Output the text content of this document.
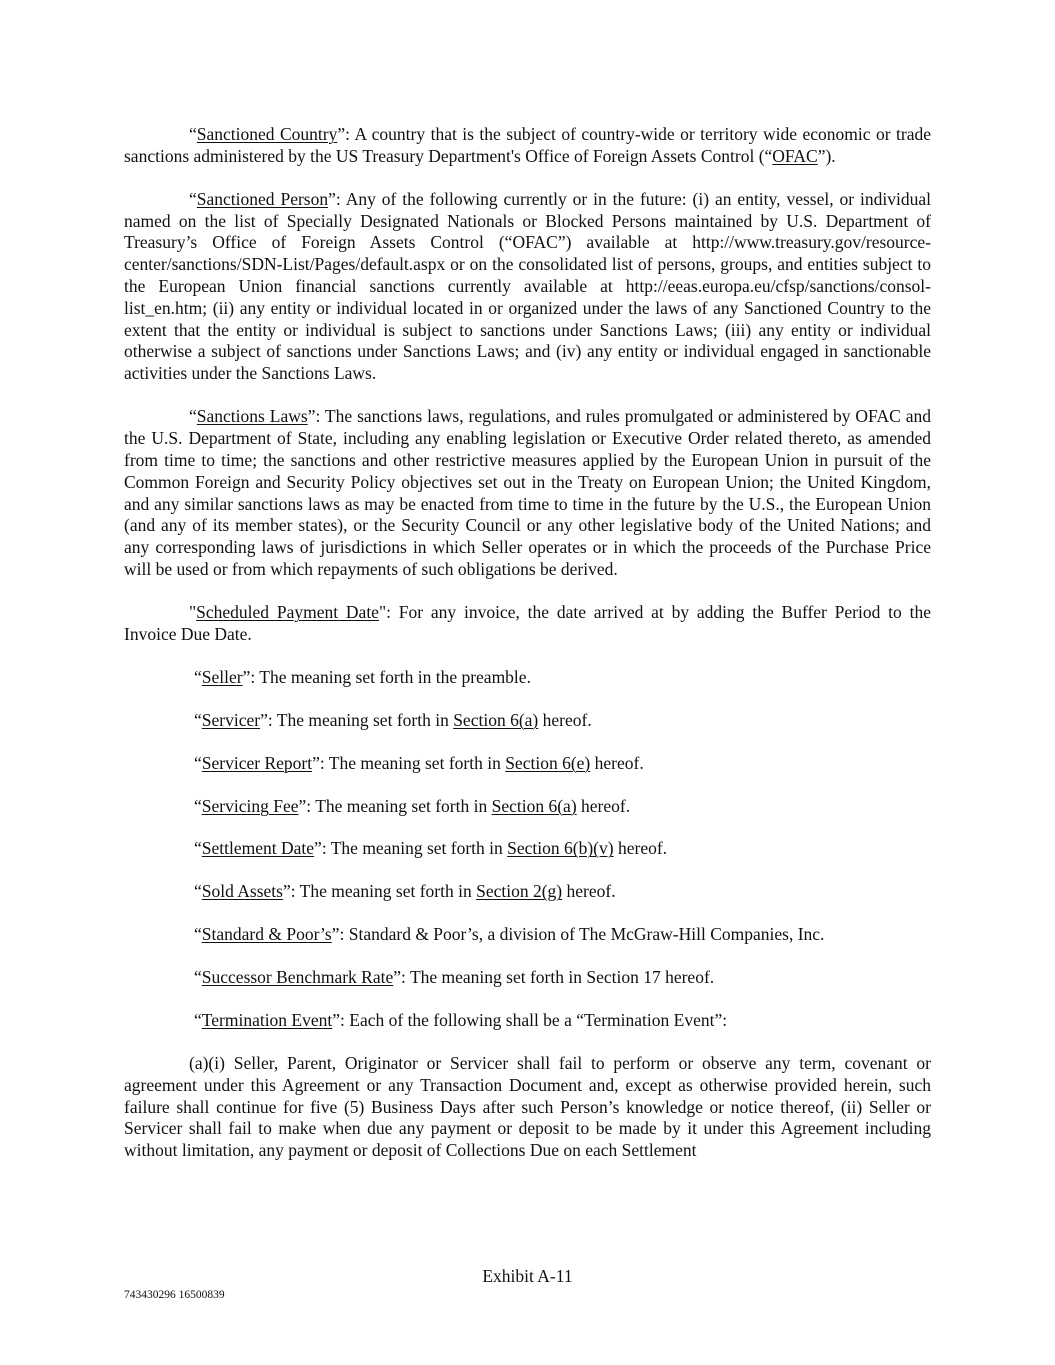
“Sanctioned Country”: A country that is the subject of country-wide or territory wide economic or trade sanctions administered by the US Treasury Department's Office of Foreign Assets Control (“OFAC”).

“Sanctioned Person”: Any of the following currently or in the future: (i) an entity, vessel, or individual named on the list of Specially Designated Nationals or Blocked Persons maintained by U.S. Department of Treasury’s Office of Foreign Assets Control (“OFAC”) available at http://www.treasury.gov/resource-center/sanctions/SDN-List/Pages/default.aspx or on the consolidated list of persons, groups, and entities subject to the European Union financial sanctions currently available at http://eeas.europa.eu/cfsp/sanctions/consol-list_en.htm; (ii) any entity or individual located in or organized under the laws of any Sanctioned Country to the extent that the entity or individual is subject to sanctions under Sanctions Laws; (iii) any entity or individual otherwise a subject of sanctions under Sanctions Laws; and (iv) any entity or individual engaged in sanctionable activities under the Sanctions Laws.

“Sanctions Laws”: The sanctions laws, regulations, and rules promulgated or administered by OFAC and the U.S. Department of State, including any enabling legislation or Executive Order related thereto, as amended from time to time; the sanctions and other restrictive measures applied by the European Union in pursuit of the Common Foreign and Security Policy objectives set out in the Treaty on European Union; the United Kingdom, and any similar sanctions laws as may be enacted from time to time in the future by the U.S., the European Union (and any of its member states), or the Security Council or any other legislative body of the United Nations; and any corresponding laws of jurisdictions in which Seller operates or in which the proceeds of the Purchase Price will be used or from which repayments of such obligations be derived.

"Scheduled Payment Date": For any invoice, the date arrived at by adding the Buffer Period to the Invoice Due Date.

“Seller”: The meaning set forth in the preamble.

“Servicer”: The meaning set forth in Section 6(a) hereof.

“Servicer Report”: The meaning set forth in Section 6(e) hereof.

“Servicing Fee”: The meaning set forth in Section 6(a) hereof.

“Settlement Date”: The meaning set forth in Section 6(b)(v) hereof.

“Sold Assets”: The meaning set forth in Section 2(g) hereof.

“Standard & Poor’s”: Standard & Poor’s, a division of The McGraw-Hill Companies, Inc.

“Successor Benchmark Rate”: The meaning set forth in Section 17 hereof.

“Termination Event”: Each of the following shall be a “Termination Event”:

(a)(i) Seller, Parent, Originator or Servicer shall fail to perform or observe any term, covenant or agreement under this Agreement or any Transaction Document and, except as otherwise provided herein, such failure shall continue for five (5) Business Days after such Person’s knowledge or notice thereof, (ii) Seller or Servicer shall fail to make when due any payment or deposit to be made by it under this Agreement including without limitation, any payment or deposit of Collections Due on each Settlement

Exhibit A-11
743430296 16500839
